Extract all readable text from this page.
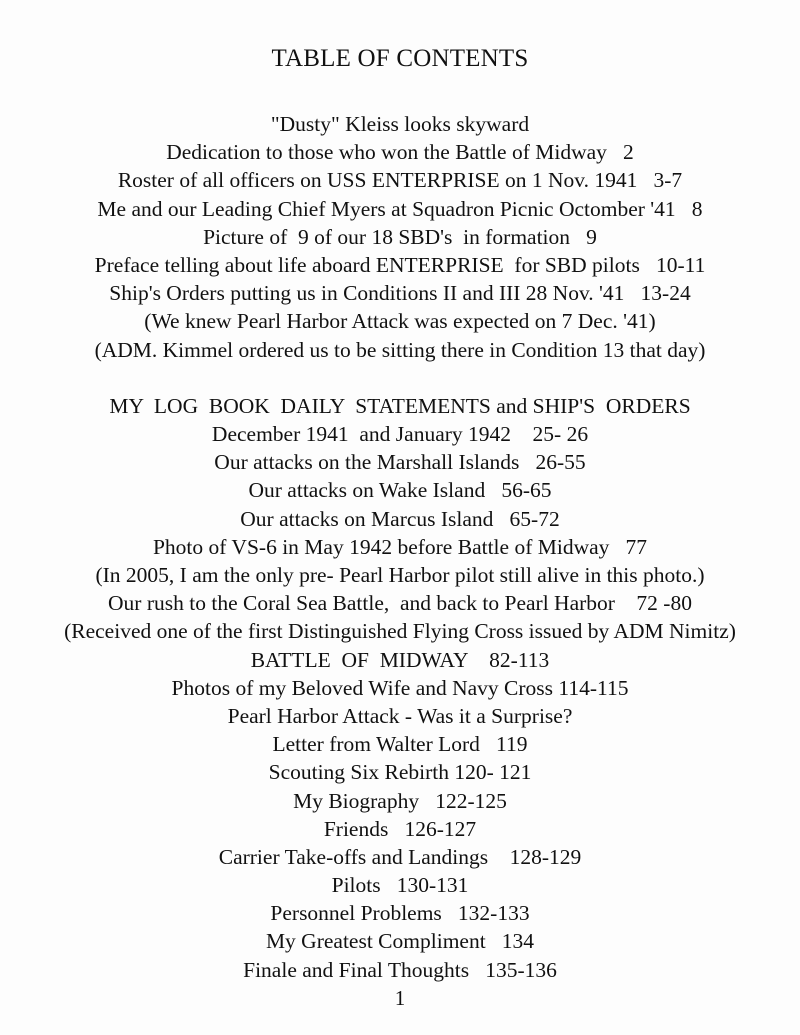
TABLE OF CONTENTS
"Dusty" Kleiss looks skyward
Dedication to those who won the Battle of Midway   2
Roster of all officers on USS ENTERPRISE on 1 Nov. 1941   3-7
Me and our Leading Chief Myers at Squadron Picnic Octomber '41   8
Picture of  9 of our 18 SBD's  in formation   9
Preface telling about life aboard ENTERPRISE  for SBD pilots   10-11
Ship's Orders putting us in Conditions II and III 28 Nov. '41   13-24
(We knew Pearl Harbor Attack was expected on 7 Dec. '41)
(ADM. Kimmel ordered us to be sitting there in Condition 13 that day)
MY  LOG  BOOK  DAILY  STATEMENTS and SHIP'S  ORDERS
December 1941  and January 1942    25- 26
Our attacks on the Marshall Islands   26-55
Our attacks on Wake Island   56-65
Our attacks on Marcus Island   65-72
Photo of VS-6 in May 1942 before Battle of Midway   77
(In 2005, I am the only pre- Pearl Harbor pilot still alive in this photo.)
Our rush to the Coral Sea Battle,  and back to Pearl Harbor    72 -80
(Received one of the first Distinguished Flying Cross issued by ADM Nimitz)
BATTLE  OF  MIDWAY    82-113
Photos of my Beloved Wife and Navy Cross 114-115
Pearl Harbor Attack - Was it a Surprise?
Letter from Walter Lord   119
Scouting Six Rebirth 120- 121
My Biography   122-125
Friends   126-127
Carrier Take-offs and Landings    128-129
Pilots   130-131
Personnel Problems   132-133
My Greatest Compliment   134
Finale and Final Thoughts   135-136
1
